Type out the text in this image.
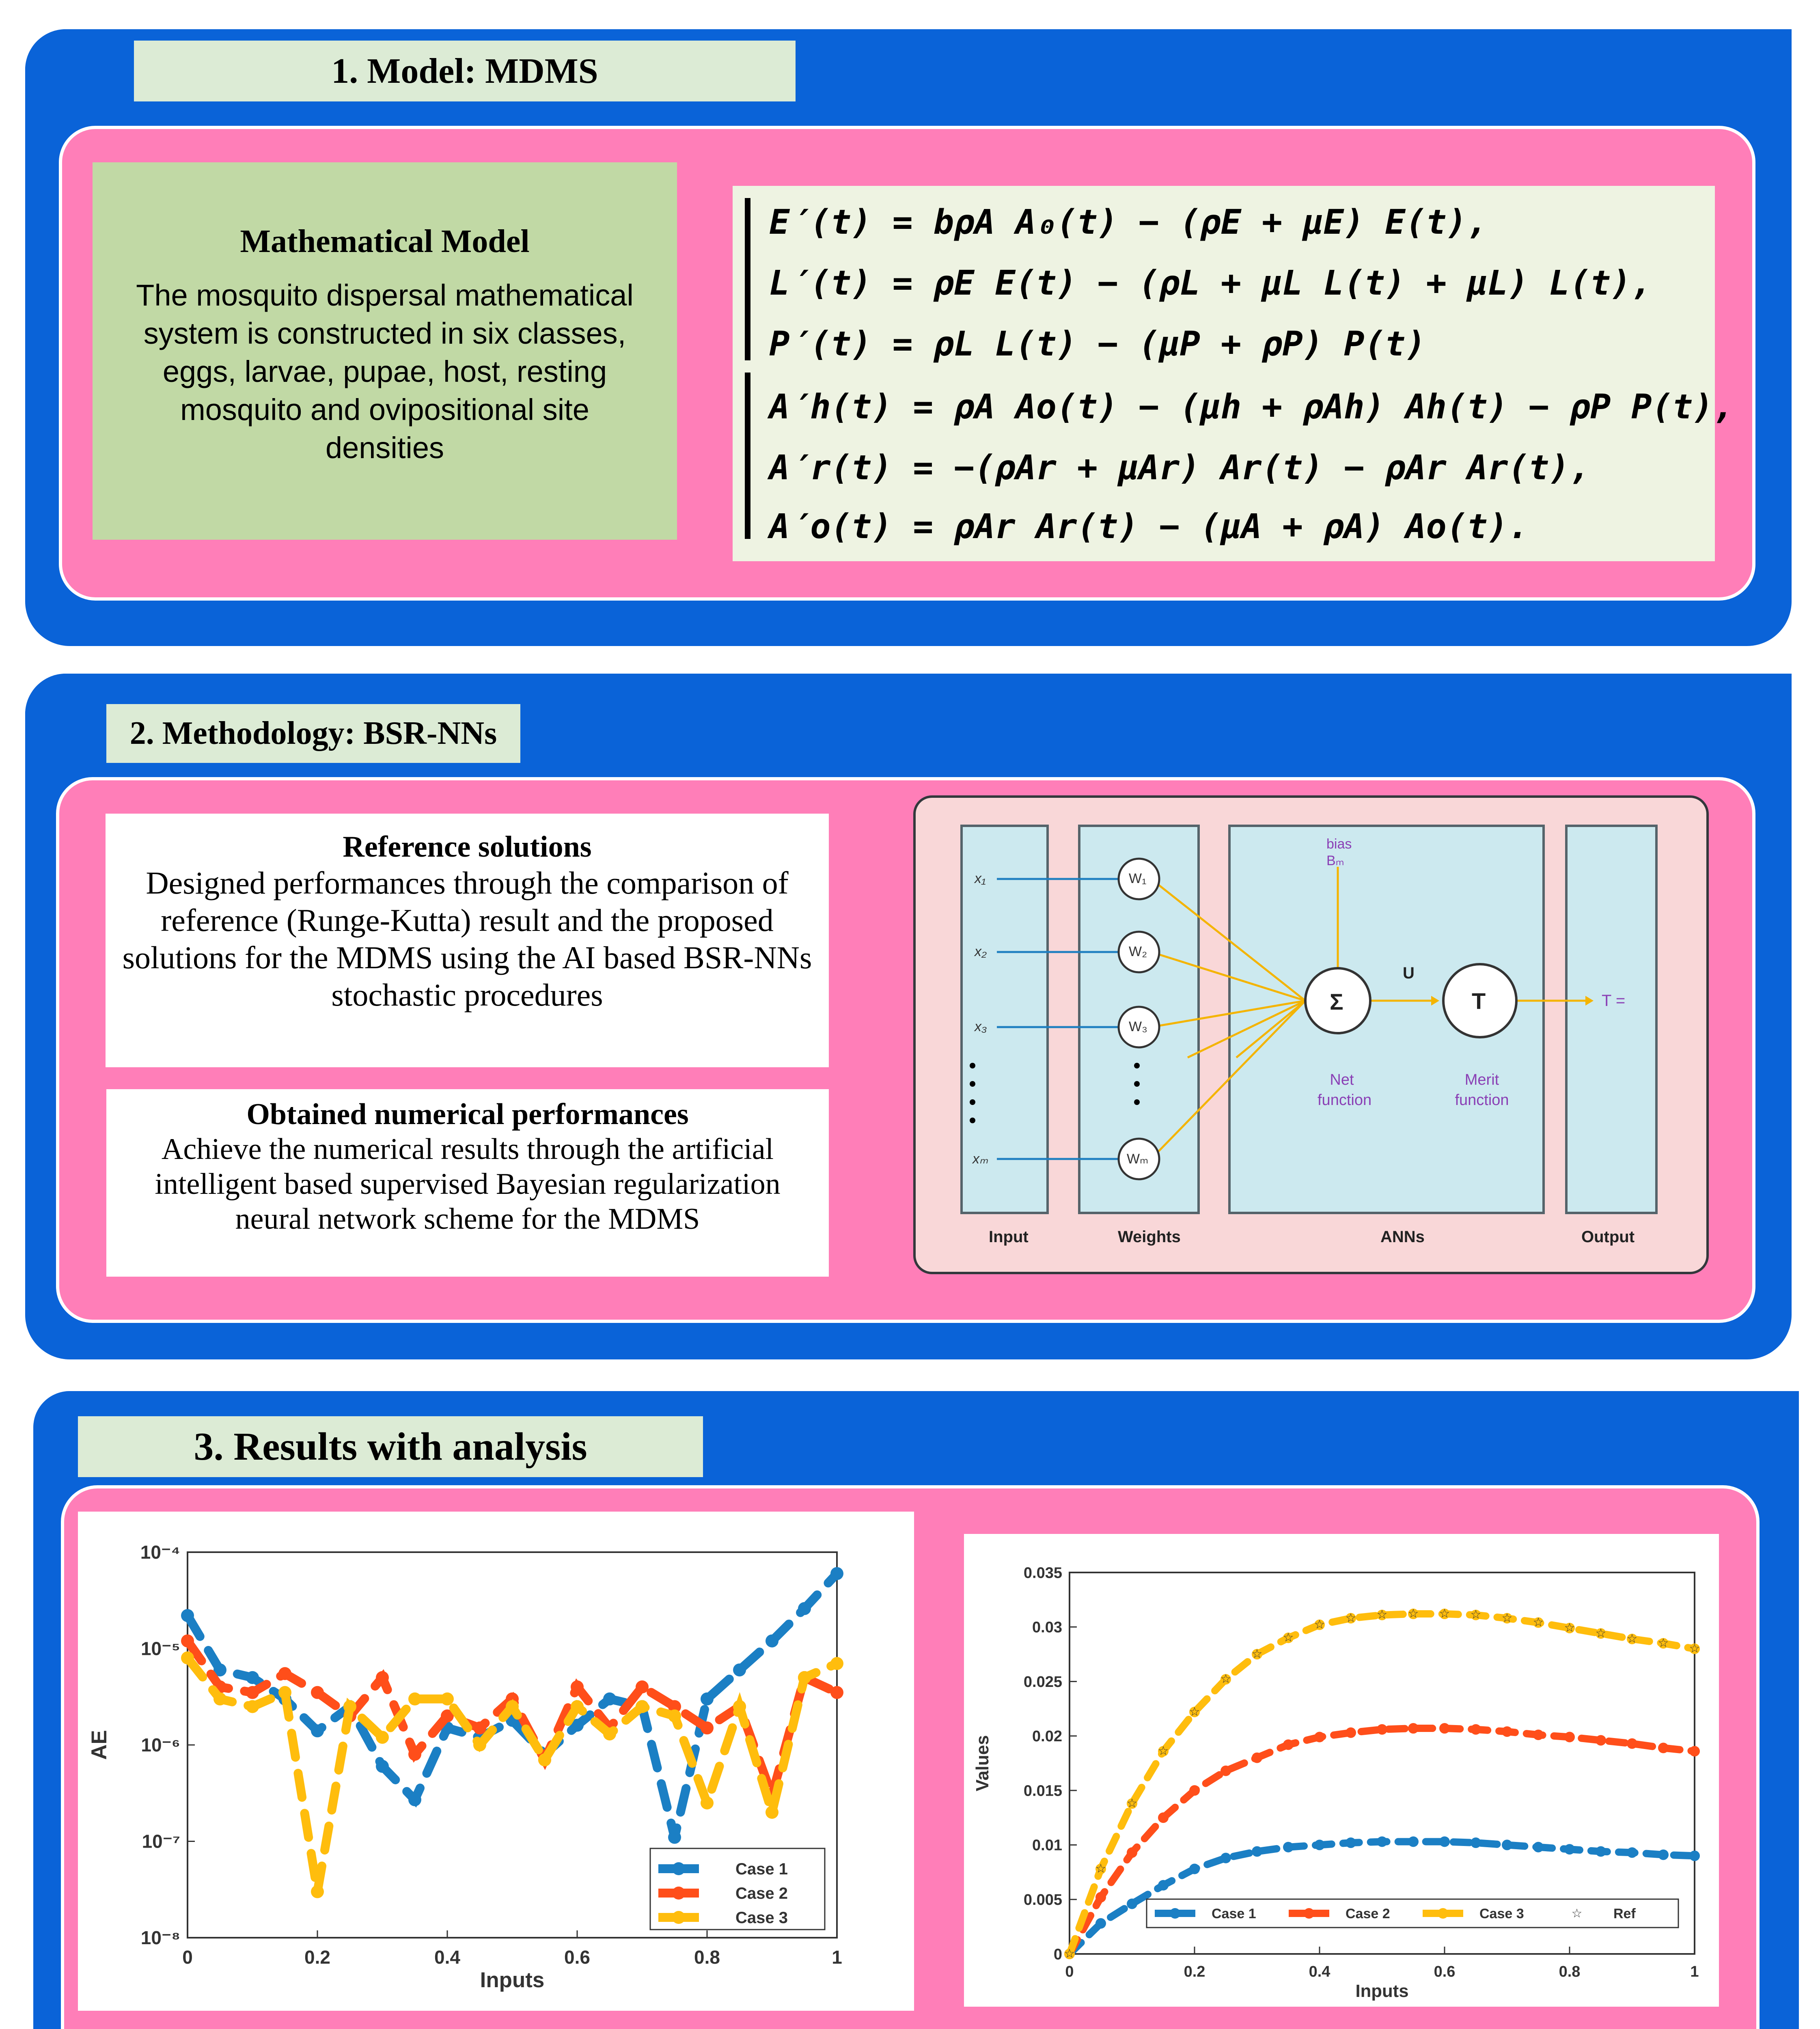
1. Model: MDMS
Mathematical Model
The mosquito dispersal mathematical system is constructed in six classes, eggs, larvae, pupae, host, resting mosquito and ovipositional site densities
E′(t) = bρA A₀(t) − (ρE + μE) E(t),
L′(t) = ρE E(t) − (ρL + μL L(t) + μL) L(t),
P′(t) = ρL L(t) − (μP + ρP) P(t)
A′h(t) = ρA Ao(t) − (μh + ρAh) Ah(t) − ρP P(t),
A′r(t) = −(ρAr + μAr) Ar(t) − ρAr Ar(t),
A′o(t) = ρAr Ar(t) − (μA + ρA) Ao(t).
2. Methodology: BSR-NNs
Reference solutions
Designed performances through the comparison of reference (Runge-Kutta) result and the proposed solutions for the MDMS using the AI based BSR-NNs stochastic procedures
Obtained numerical performances
Achieve the numerical results through the artificial intelligent based supervised Bayesian regularization neural network scheme for the MDMS
x₁
x₂
x₃
xₘ
W₁
W₂
W₃
Wₘ
bias
Bₘ
Σ
U
T	T =
Net function
Merit function
Input	Weights	ANNs	Output
3. Results with analysis
0	0.2	0.4	0.6	0.8	1
10⁻⁸
10⁻⁷
10⁻⁶
10⁻⁵
10⁻⁴
Inputs
AE
Case 1
Case 2
Case 3
0	0.2	0.4	0.6	0.8	1
0
0.005
0.01
0.015
0.02
0.025
0.03
0.035
Inputs
Values
☆
☆
☆
☆
☆
☆
☆
☆
☆ ☆ ☆ ☆ ☆ ☆ ☆ ☆ ☆ ☆ ☆ ☆ ☆
Case 1	Case 2	Case 3	☆ Ref
